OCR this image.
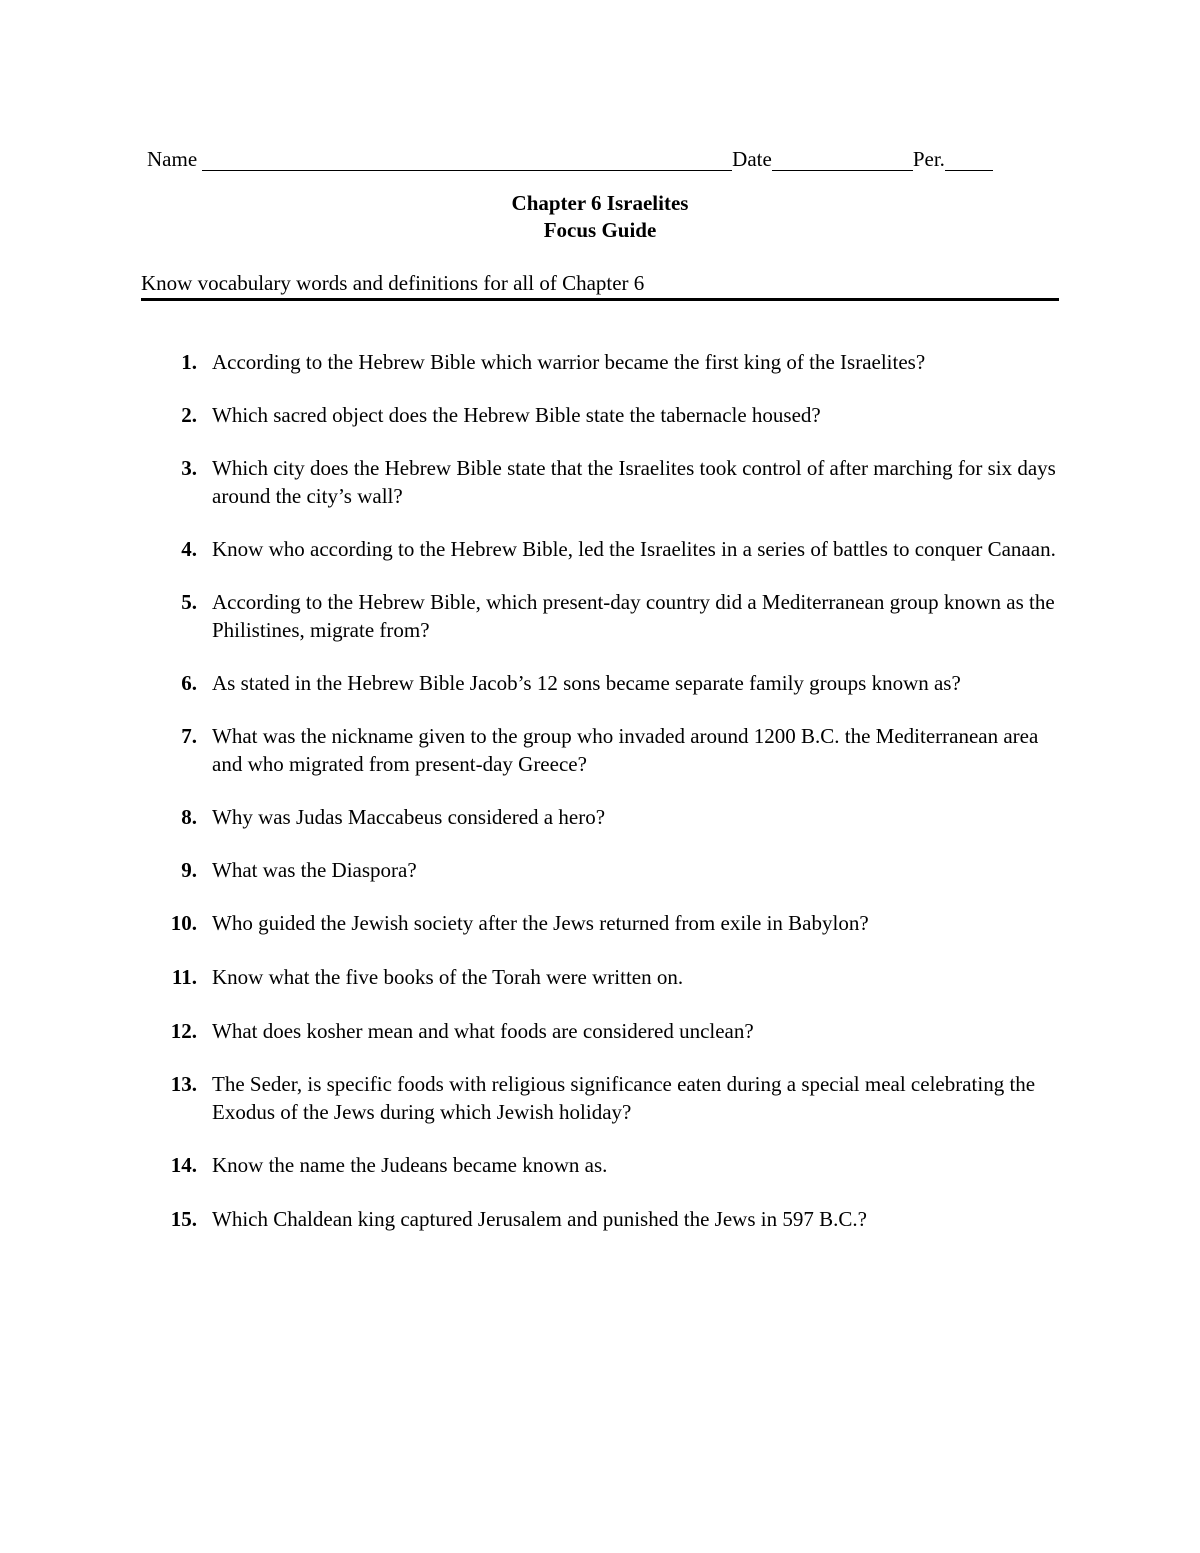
Name	Date	Per.
Chapter 6 Israelites
Focus Guide
Know vocabulary words and definitions for all of Chapter 6
1. According to the Hebrew Bible which warrior became the first king of the Israelites?
2. Which sacred object does the Hebrew Bible state the tabernacle housed?
3. Which city does the Hebrew Bible state that the Israelites took control of after marching for six days around the city’s wall?
4. Know who according to the Hebrew Bible, led the Israelites in a series of battles to conquer Canaan.
5. According to the Hebrew Bible, which present-day country did a Mediterranean group known as the Philistines, migrate from?
6. As stated in the Hebrew Bible Jacob’s 12 sons became separate family groups known as?
7. What was the nickname given to the group who invaded around 1200 B.C. the Mediterranean area and who migrated from present-day Greece?
8. Why was Judas Maccabeus considered a hero?
9. What was the Diaspora?
10. Who guided the Jewish society after the Jews returned from exile in Babylon?
11. Know what the five books of the Torah were written on.
12. What does kosher mean and what foods are considered unclean?
13. The Seder, is specific foods with religious significance eaten during a special meal celebrating the Exodus of the Jews during which Jewish holiday?
14. Know the name the Judeans became known as.
15. Which Chaldean king captured Jerusalem and punished the Jews in 597 B.C.?
